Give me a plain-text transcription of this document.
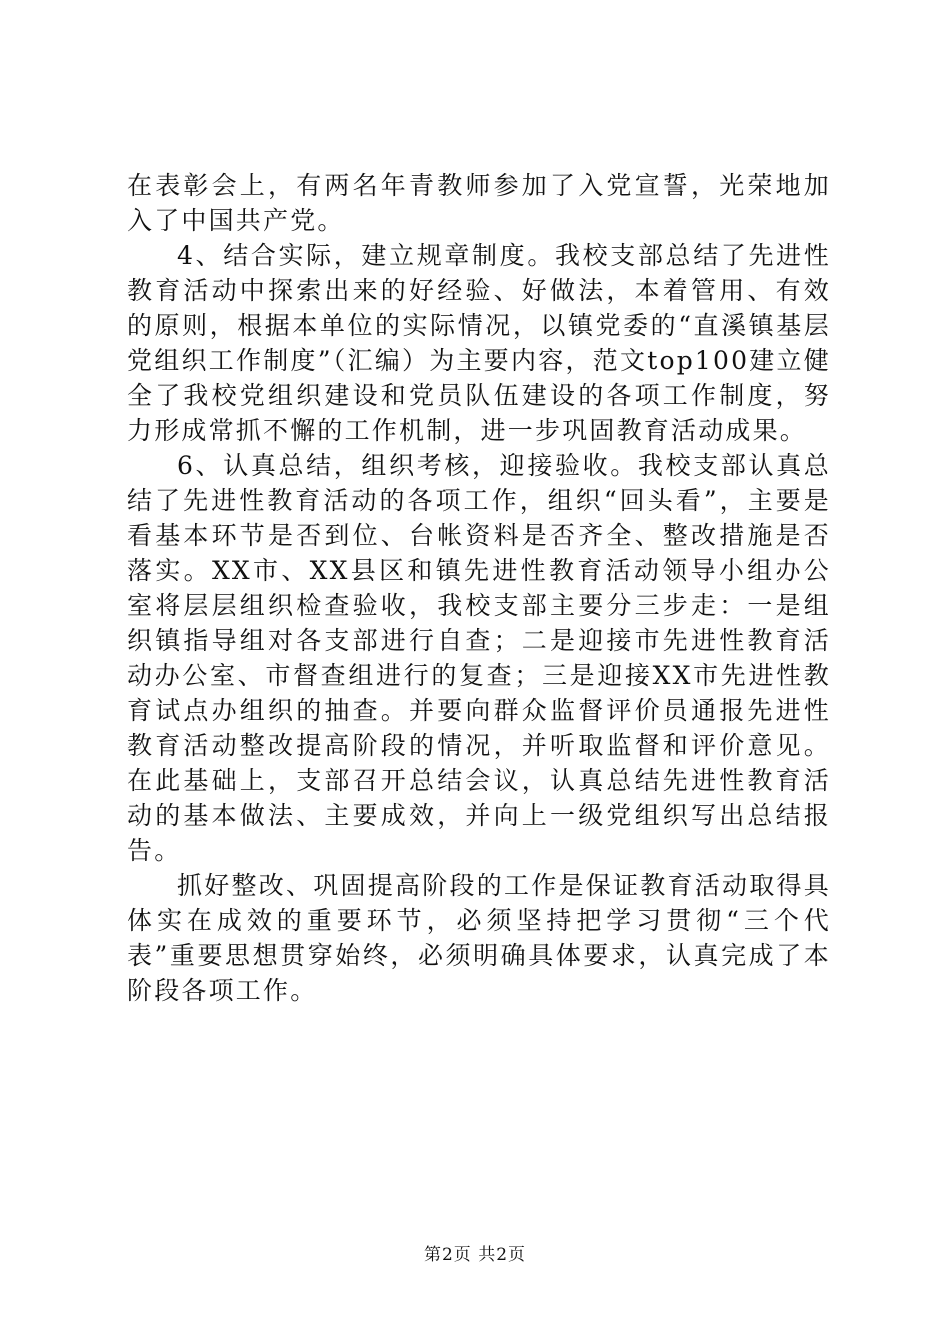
在表彰会上，有两名年青教师参加了入党宣誓，光荣地加入了中国共产党。

4、结合实际，建立规章制度。我校支部总结了先进性教育活动中探索出来的好经验、好做法，本着管用、有效的原则，根据本单位的实际情况，以镇党委的“直溪镇基层党组织工作制度”（汇编）为主要内容，范文top100建立健全了我校党组织建设和党员队伍建设的各项工作制度，努力形成常抓不懈的工作机制，进一步巩固教育活动成果。

6、认真总结，组织考核，迎接验收。我校支部认真总结了先进性教育活动的各项工作，组织“回头看”，主要是看基本环节是否到位、台帐资料是否齐全、整改措施是否落实。XX市、XX县区和镇先进性教育活动领导小组办公室将层层组织检查验收，我校支部主要分三步走：一是组织镇指导组对各支部进行自查；二是迎接市先进性教育活动办公室、市督查组进行的复查；三是迎接XX市先进性教育试点办组织的抽查。并要向群众监督评价员通报先进性教育活动整改提高阶段的情况，并听取监督和评价意见。在此基础上，支部召开总结会议，认真总结先进性教育活动的基本做法、主要成效，并向上一级党组织写出总结报告。

抓好整改、巩固提高阶段的工作是保证教育活动取得具体实在成效的重要环节，必须坚持把学习贯彻“三个代表”重要思想贯穿始终，必须明确具体要求，认真完成了本阶段各项工作。

第2页 共2页
